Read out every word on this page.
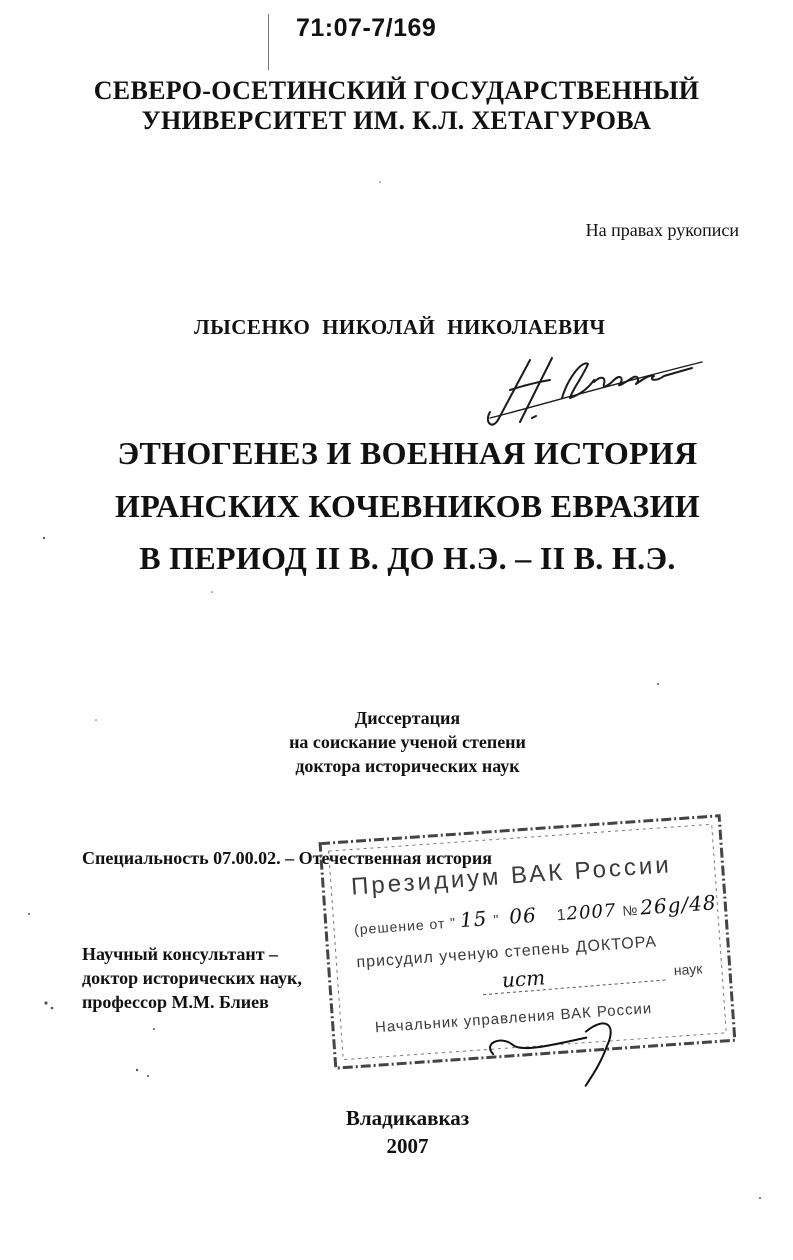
71:07-7/169
СЕВЕРО-ОСЕТИНСКИЙ ГОСУДАРСТВЕННЫЙ
УНИВЕРСИТЕТ ИМ. К.Л. ХЕТАГУРОВА
На правах рукописи
ЛЫСЕНКО НИКОЛАЙ НИКОЛАЕВИЧ
ЭТНОГЕНЕЗ И ВОЕННАЯ ИСТОРИЯ
ИРАНСКИХ КОЧЕВНИКОВ ЕВРАЗИИ
В ПЕРИОД II В. ДО Н.Э. – II В. Н.Э.
Диссертация
на соискание ученой степени
доктора исторических наук
Специальность 07.00.02. – Отечественная история
Научный консультант –
доктор исторических наук,
профессор М.М. Блиев
Президиум ВАК России
(решение от " 15 " 06 12007 №26g/48
присудил ученую степень ДОКТОРА
ист	наук
Начальник управления ВАК России
Владикавказ
2007
